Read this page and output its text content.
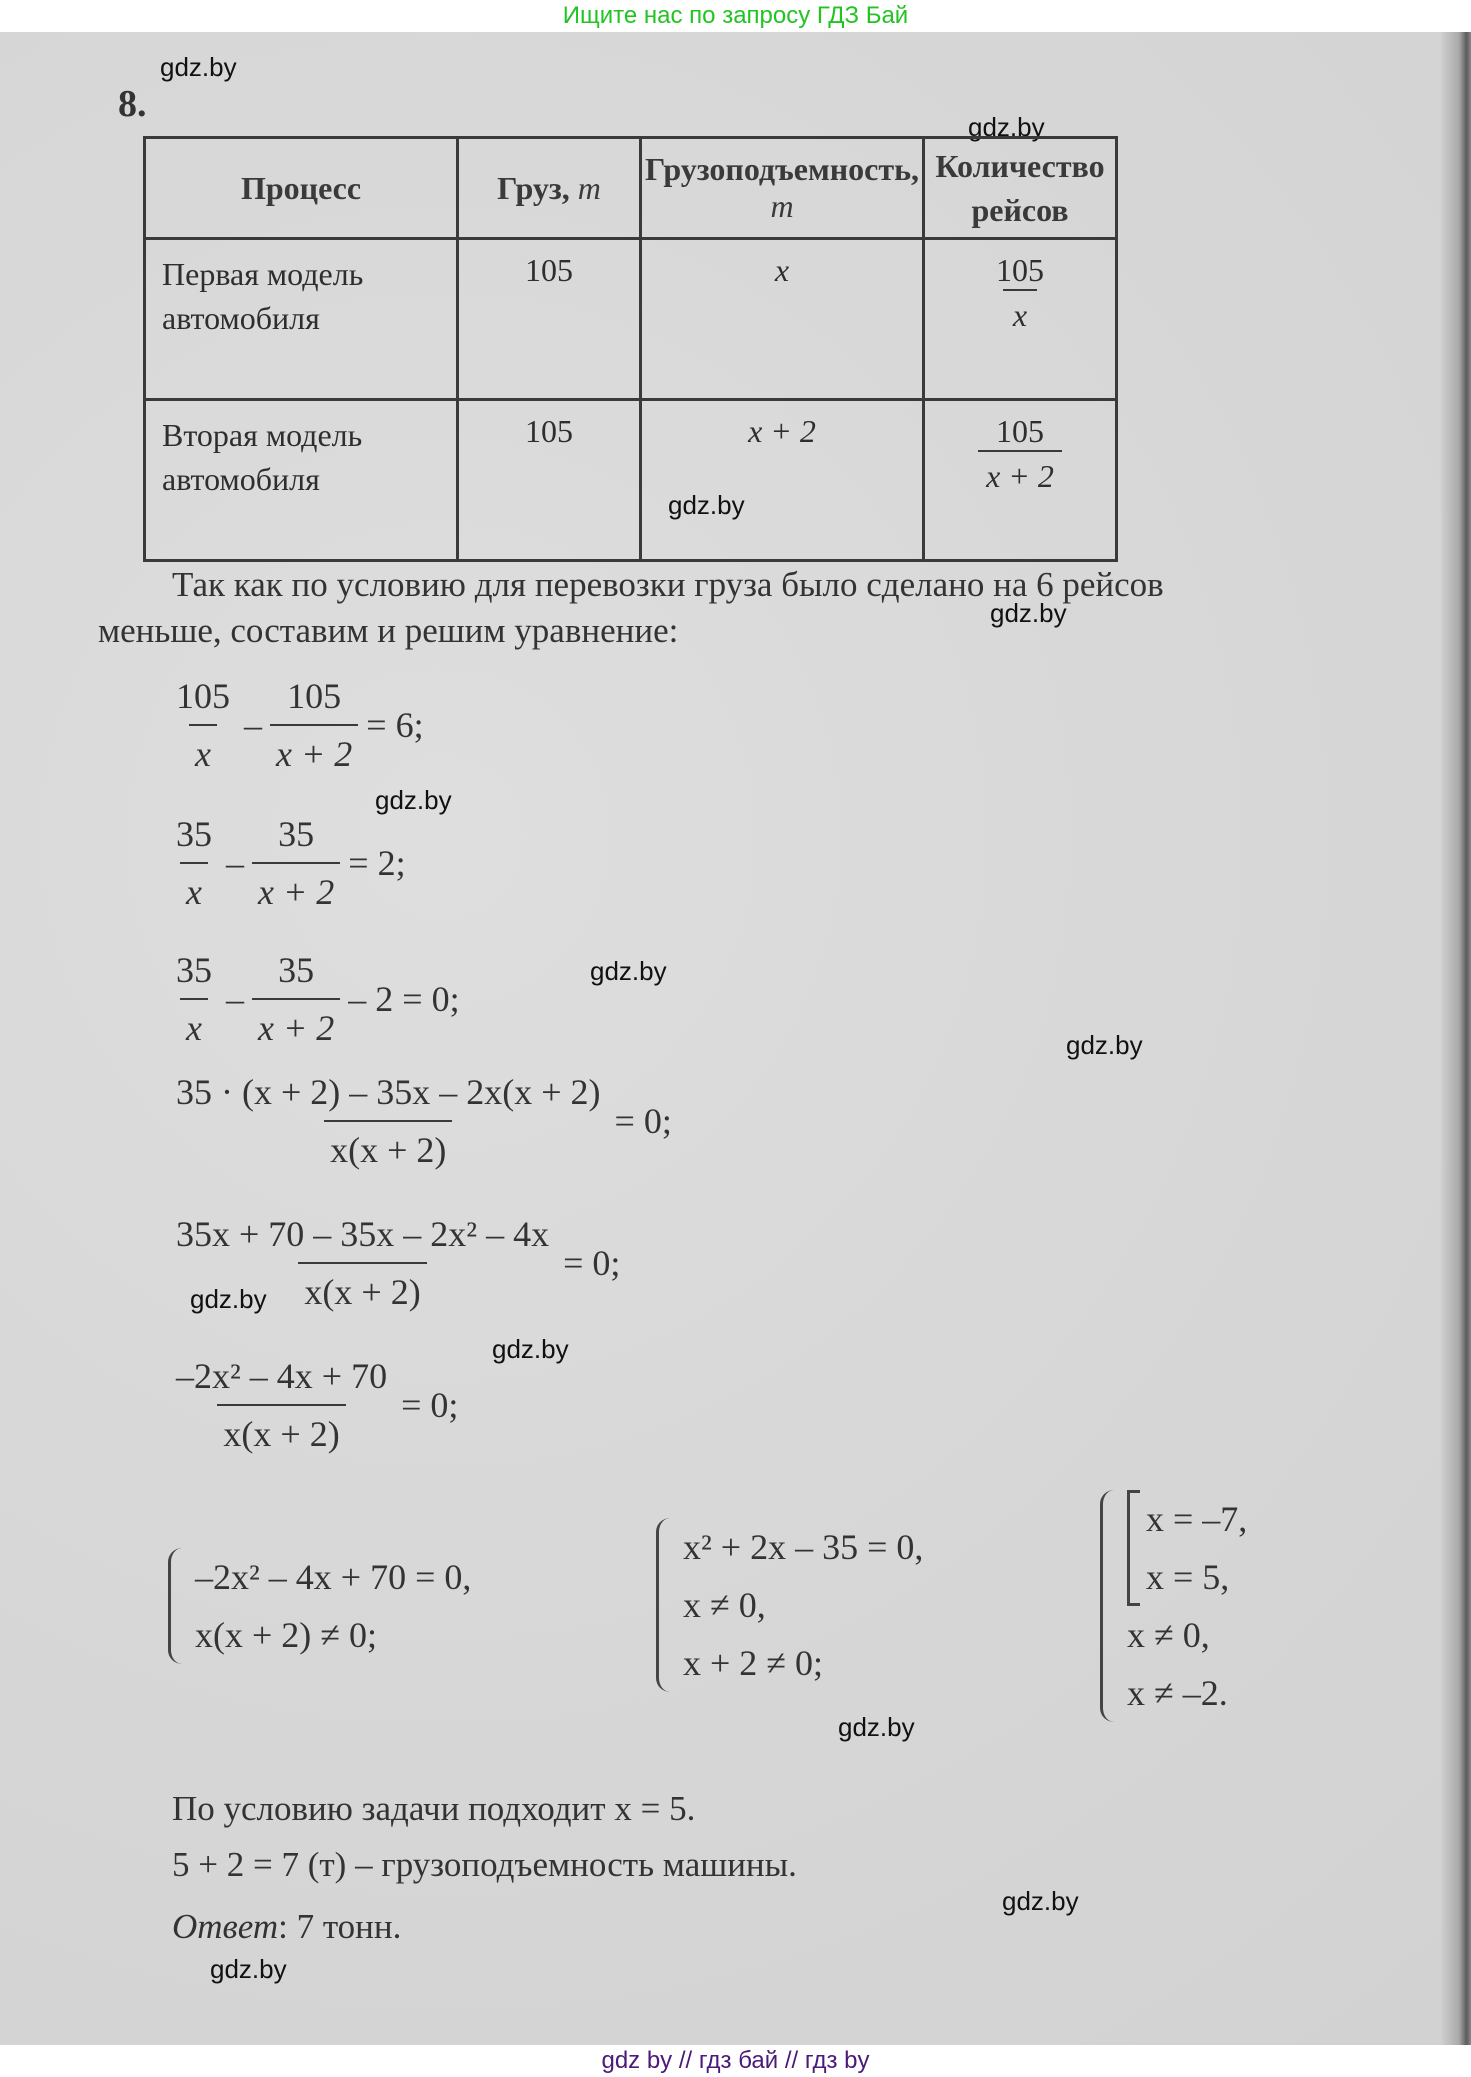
Ищите нас по запросу ГДЗ Бай
gdz.by
8.
gdz.by
Процесс	Груз, т	Грузоподъемность, т	Количество
рейсов
Первая модель
автомобиля	105	x	$\frac{105}{x}$

Вторая модель
автомобиля	105	x + 2	$\frac{105}{x + 2}$
gdz.by
Так как по условию для перевозки груза было сделано на 6 рейсов
меньше, составим и решим уравнение:	gdz.by
$\frac{105}{x} - \frac{105}{x + 2} = 6$;
gdz.by
$\frac{35}{x} - \frac{35}{x + 2} = 2$;
$\frac{35}{x} - \frac{35}{x + 2} - 2 = 0$;
gdz.by
gdz.by
$\frac{35 \cdot (x + 2) - 35x - 2x(x + 2)}{x(x + 2)} = 0$;
$\frac{\text{35x + 70 – 35x – 2x² – 4x}}{x(x + 2)} = 0$;
gdz.by
gdz.by
$\frac{\text{–2x² – 4x + 70}}{x(x + 2)} = 0$;
–2x² – 4x + 70 = 0,
x(x + 2) ≠ 0;
x² + 2x – 35 = 0,
x ≠ 0,
x + 2 ≠ 0;
x = –7,
x = 5,
x ≠ 0,
x ≠ –2.
gdz.by
По условию задачи подходит x = 5.
5 + 2 = 7 (т) – грузоподъемность машины.
gdz.by
Ответ: 7 тонн.
gdz.by
gdz by // гдз бай // гдз by
